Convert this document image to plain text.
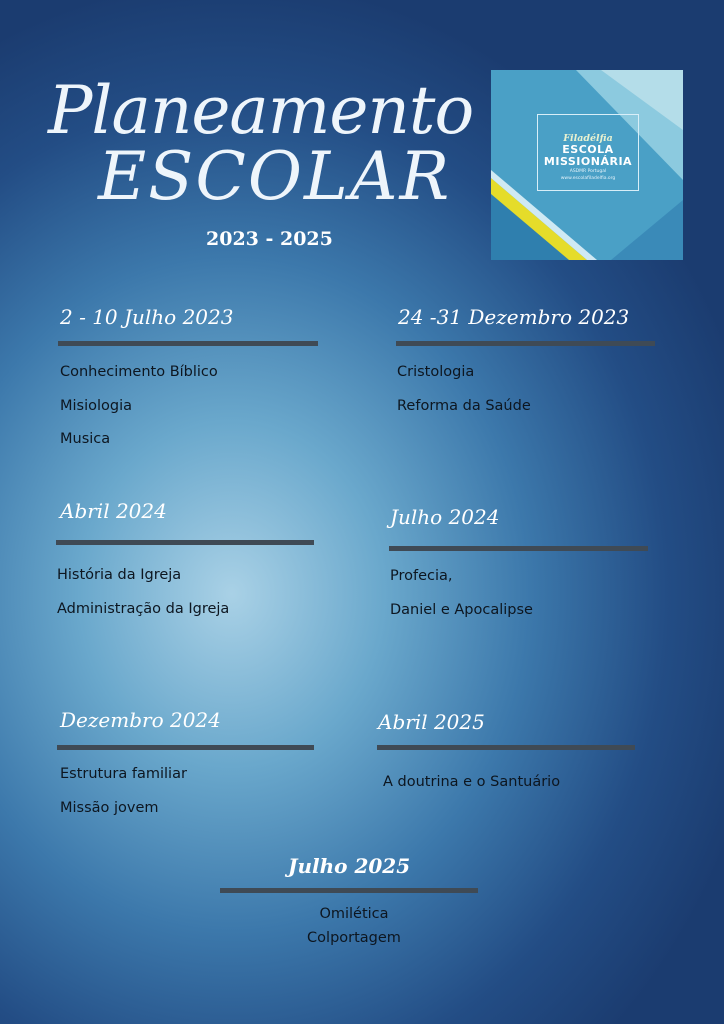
Planeamento
ESCOLAR
2023 - 2025
Filadélfia
ESCOLA
MISSIONÁRIA
ASDMR Portugal
www.escolafiladelfia.org
2 - 10 Julho 2023
Conhecimento Bíblico
Misiologia
Musica
24 -31 Dezembro 2023
Cristologia
Reforma da Saúde
Abril 2024
História da Igreja
Administração da Igreja
Julho 2024
Profecia,
Daniel e Apocalipse
Dezembro 2024
Estrutura familiar
Missão jovem
Abril 2025
A doutrina e o Santuário
Julho 2025
Omilética
Colportagem
